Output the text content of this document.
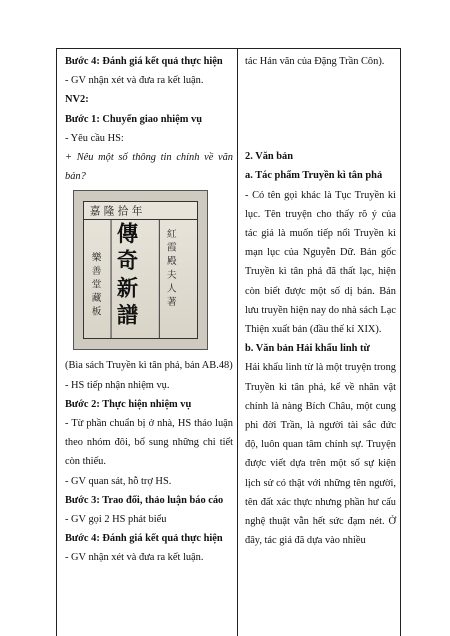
Bước 4: Đánh giá kết quả thực hiện

- GV nhận xét và đưa ra kết luận.

NV2:

Bước 1: Chuyển giao nhiệm vụ

- Yêu cầu HS:

+ Nêu một số thông tin chính về văn bản?

嘉 隆 拾 年
傳
奇
新
譜
紅
霞
殿
夫
人
著
樂
善
堂
藏
板

(Bìa sách Truyền kì tân phả, bản AB.48)

- HS tiếp nhận nhiệm vụ.

Bước 2: Thực hiện nhiệm vụ

- Từ phần chuẩn bị ở nhà, HS thảo luận theo nhóm đôi, bổ sung những chi tiết còn thiếu.

- GV quan sát, hỗ trợ HS.

Bước 3: Trao đổi, thảo luận báo cáo

- GV gọi 2 HS phát biểu

Bước 4: Đánh giá kết quả thực hiện

- GV nhận xét và đưa ra kết luận.

tác Hán văn của Đặng Trần Côn).

2. Văn bản

a. Tác phẩm Truyền kì tân phả

- Có tên gọi khác là Tục Truyền kì lục. Tên truyện cho thấy rõ ý của tác giả là muốn tiếp nối Truyền kì mạn lục của Nguyễn Dữ. Bản gốc Truyền kì tân phả đã thất lạc, hiện còn biết được một số dị bản. Bản lưu truyền hiện nay do nhà sách Lạc Thiện xuất bản (đầu thế kỉ XIX).

b. Văn bản Hải khẩu linh từ

Hải khẩu linh từ là một truyện trong Truyền kì tân phả, kể về nhân vật chính là nàng Bích Châu, một cung phi đời Trần, là người tài sắc đức độ, luôn quan tâm chính sự. Truyện được viết dựa trên một số sự kiện lịch sử có thật với những tên người, tên đất xác thực nhưng phần hư cấu nghệ thuật vẫn hết sức đạm nét. Ở đây, tác giả đã dựa vào nhiều
